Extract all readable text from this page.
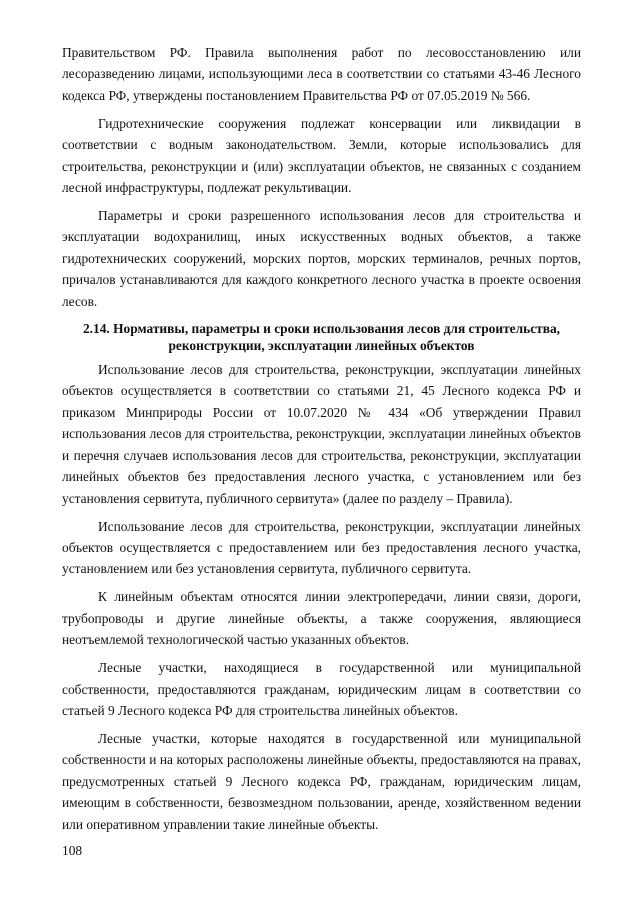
Правительством РФ. Правила выполнения работ по лесовосстановлению или лесоразведению лицами, использующими леса в соответствии со статьями 43-46 Лесного кодекса РФ, утверждены постановлением Правительства РФ от 07.05.2019 № 566.

Гидротехнические сооружения подлежат консервации или ликвидации в соответствии с водным законодательством. Земли, которые использовались для строительства, реконструкции и (или) эксплуатации объектов, не связанных с созданием лесной инфраструктуры, подлежат рекультивации.

Параметры и сроки разрешенного использования лесов для строительства и эксплуатации водохранилищ, иных искусственных водных объектов, а также гидротехнических сооружений, морских портов, морских терминалов, речных портов, причалов устанавливаются для каждого конкретного лесного участка в проекте освоения лесов.

2.14. Нормативы, параметры и сроки использования лесов для строительства,
реконструкции, эксплуатации линейных объектов

Использование лесов для строительства, реконструкции, эксплуатации линейных объектов осуществляется в соответствии со статьями 21, 45 Лесного кодекса РФ и приказом Минприроды России от 10.07.2020 № 434 «Об утверждении Правил использования лесов для строительства, реконструкции, эксплуатации линейных объектов и перечня случаев использования лесов для строительства, реконструкции, эксплуатации линейных объектов без предоставления лесного участка, с установлением или без установления сервитута, публичного сервитута» (далее по разделу – Правила).

Использование лесов для строительства, реконструкции, эксплуатации линейных объектов осуществляется с предоставлением или без предоставления лесного участка, установлением или без установления сервитута, публичного сервитута.

К линейным объектам относятся линии электропередачи, линии связи, дороги, трубопроводы и другие линейные объекты, а также сооружения, являющиеся неотъемлемой технологической частью указанных объектов.

Лесные участки, находящиеся в государственной или муниципальной собственности, предоставляются гражданам, юридическим лицам в соответствии со статьей 9 Лесного кодекса РФ для строительства линейных объектов.

Лесные участки, которые находятся в государственной или муниципальной собственности и на которых расположены линейные объекты, предоставляются на правах, предусмотренных статьей 9 Лесного кодекса РФ, гражданам, юридическим лицам, имеющим в собственности, безвозмездном пользовании, аренде, хозяйственном ведении или оперативном управлении такие линейные объекты.

108
